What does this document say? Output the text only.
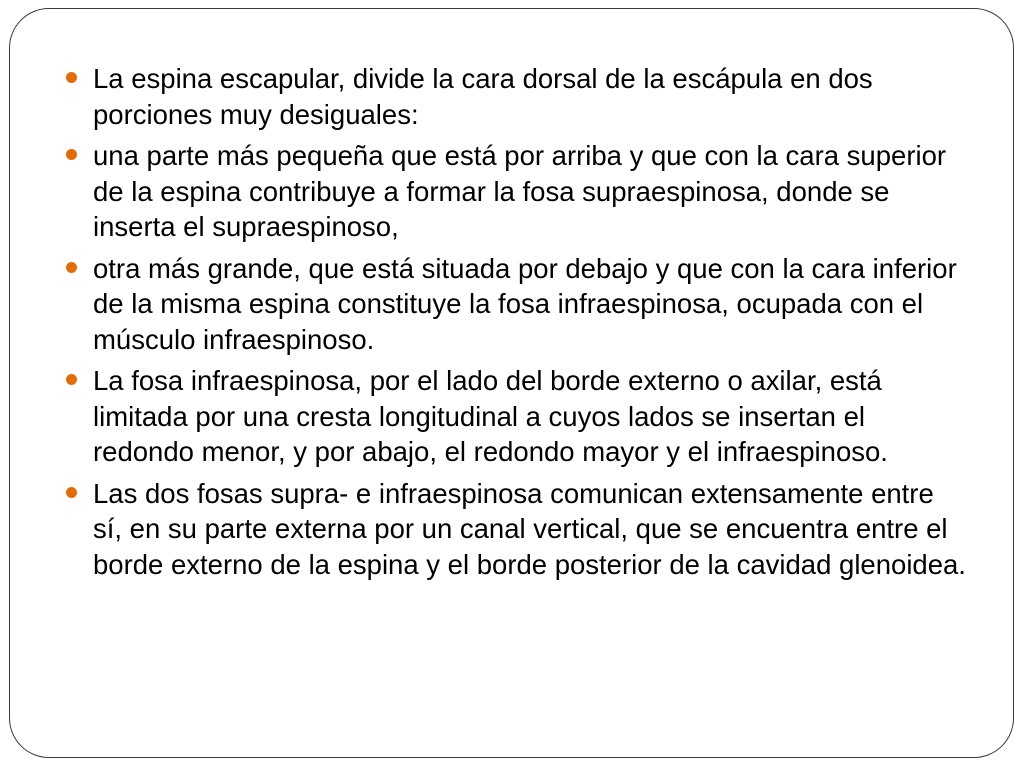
La espina escapular, divide la cara dorsal de la escápula en dos porciones muy desiguales:
una parte más pequeña que está por arriba y que con la cara superior de la espina contribuye a formar la fosa supraespinosa, donde se inserta el supraespinoso,
otra más grande, que está situada por debajo y que con la cara inferior de la misma espina constituye la fosa infraespinosa, ocupada con el músculo infraespinoso.
La fosa infraespinosa, por el lado del borde externo o axilar, está limitada por una cresta longitudinal a cuyos lados se insertan el redondo menor, y por abajo, el redondo mayor y el infraespinoso.
Las dos fosas supra- e infraespinosa comunican extensamente entre sí, en su parte externa por un canal vertical, que se encuentra entre el borde externo de la espina y el borde posterior de la cavidad glenoidea.
